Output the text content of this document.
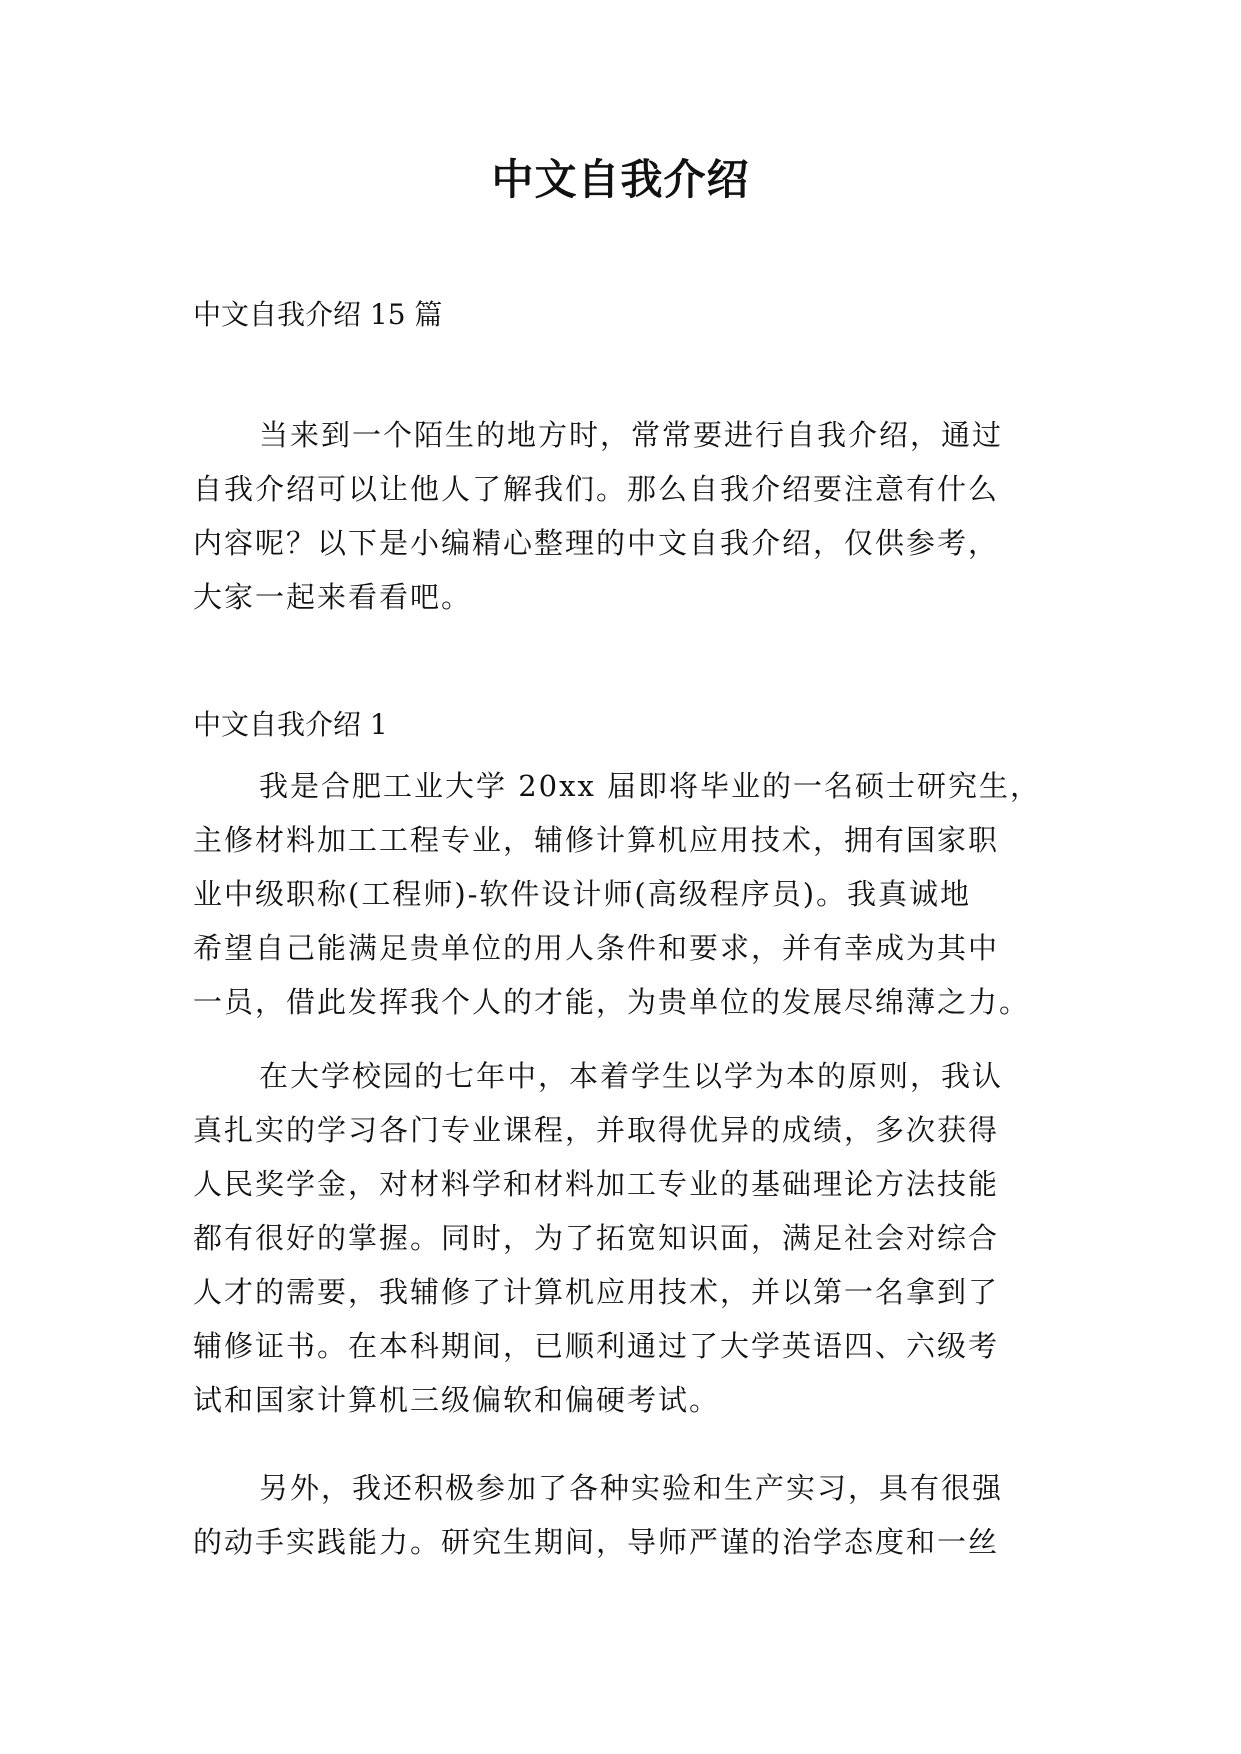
中文自我介绍

中文自我介绍 15 篇

当来到一个陌生的地方时，常常要进行自我介绍，通过
自我介绍可以让他人了解我们。那么自我介绍要注意有什么
内容呢？以下是小编精心整理的中文自我介绍，仅供参考，
大家一起来看看吧。

中文自我介绍 1

我是合肥工业大学 20xx 届即将毕业的一名硕士研究生，
主修材料加工工程专业，辅修计算机应用技术，拥有国家职
业中级职称(工程师)-软件设计师(高级程序员)。我真诚地
希望自己能满足贵单位的用人条件和要求，并有幸成为其中
一员，借此发挥我个人的才能，为贵单位的发展尽绵薄之力。

在大学校园的七年中，本着学生以学为本的原则，我认
真扎实的学习各门专业课程，并取得优异的成绩，多次获得
人民奖学金，对材料学和材料加工专业的基础理论方法技能
都有很好的掌握。同时，为了拓宽知识面，满足社会对综合
人才的需要，我辅修了计算机应用技术，并以第一名拿到了
辅修证书。在本科期间，已顺利通过了大学英语四、六级考
试和国家计算机三级偏软和偏硬考试。

另外，我还积极参加了各种实验和生产实习，具有很强
的动手实践能力。研究生期间，导师严谨的治学态度和一丝
